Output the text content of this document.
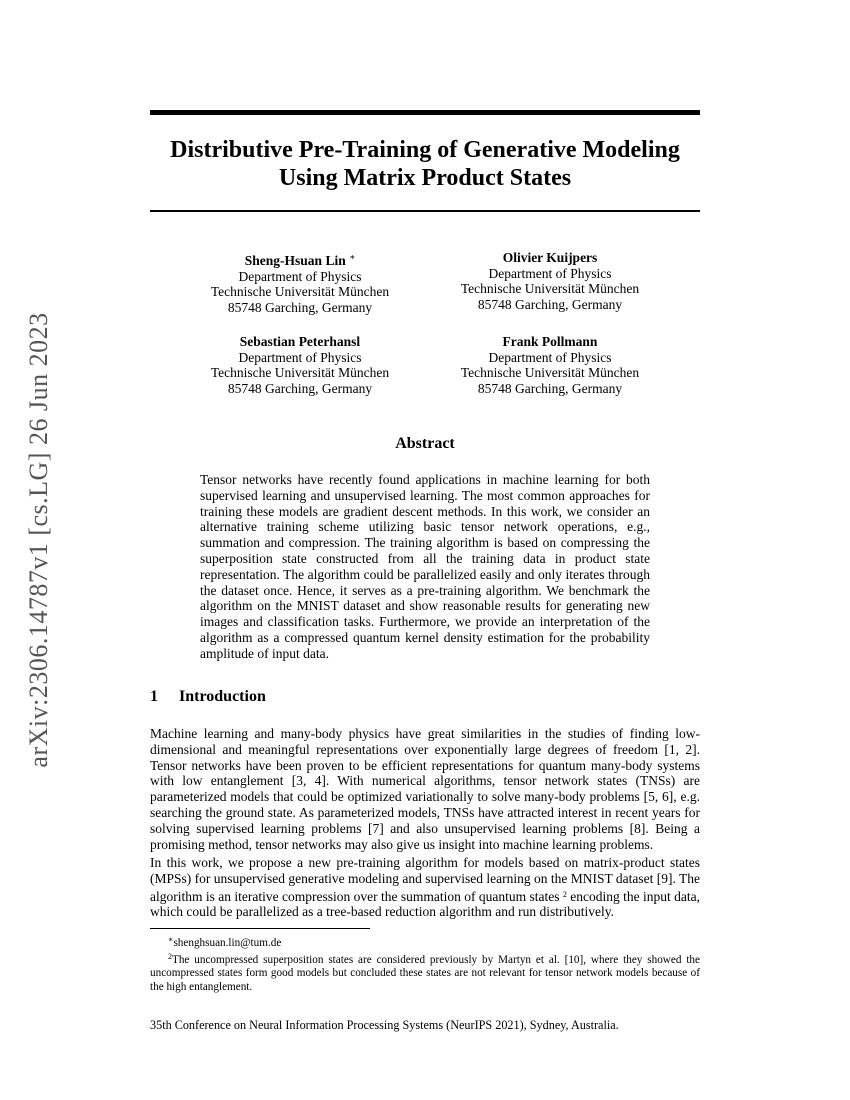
arXiv:2306.14787v1 [cs.LG] 26 Jun 2023
Distributive Pre-Training of Generative Modeling
Using Matrix Product States
Sheng-Hsuan Lin ∗
Department of Physics
Technische Universität München
85748 Garching, Germany
Olivier Kuijpers
Department of Physics
Technische Universität München
85748 Garching, Germany
Sebastian Peterhansl
Department of Physics
Technische Universität München
85748 Garching, Germany
Frank Pollmann
Department of Physics
Technische Universität München
85748 Garching, Germany
Abstract
Tensor networks have recently found applications in machine learning for both supervised learning and unsupervised learning. The most common approaches for training these models are gradient descent methods. In this work, we consider an alternative training scheme utilizing basic tensor network operations, e.g., summation and compression. The training algorithm is based on compressing the superposition state constructed from all the training data in product state representation. The algorithm could be parallelized easily and only iterates through the dataset once. Hence, it serves as a pre-training algorithm. We benchmark the algorithm on the MNIST dataset and show reasonable results for generating new images and classification tasks. Furthermore, we provide an interpretation of the algorithm as a compressed quantum kernel density estimation for the probability amplitude of input data.
1 Introduction
Machine learning and many-body physics have great similarities in the studies of finding low-dimensional and meaningful representations over exponentially large degrees of freedom [1, 2]. Tensor networks have been proven to be efficient representations for quantum many-body systems with low entanglement [3, 4]. With numerical algorithms, tensor network states (TNSs) are parameterized models that could be optimized variationally to solve many-body problems [5, 6], e.g. searching the ground state. As parameterized models, TNSs have attracted interest in recent years for solving supervised learning problems [7] and also unsupervised learning problems [8]. Being a promising method, tensor networks may also give us insight into machine learning problems.
In this work, we propose a new pre-training algorithm for models based on matrix-product states (MPSs) for unsupervised generative modeling and supervised learning on the MNIST dataset [9]. The algorithm is an iterative compression over the summation of quantum states $^2$ encoding the input data, which could be parallelized as a tree-based reduction algorithm and run distributively.
∗shenghsuan.lin@tum.de
$^2$The uncompressed superposition states are considered previously by Martyn et al. [10], where they showed the uncompressed states form good models but concluded these states are not relevant for tensor network models because of the high entanglement.
35th Conference on Neural Information Processing Systems (NeurIPS 2021), Sydney, Australia.
